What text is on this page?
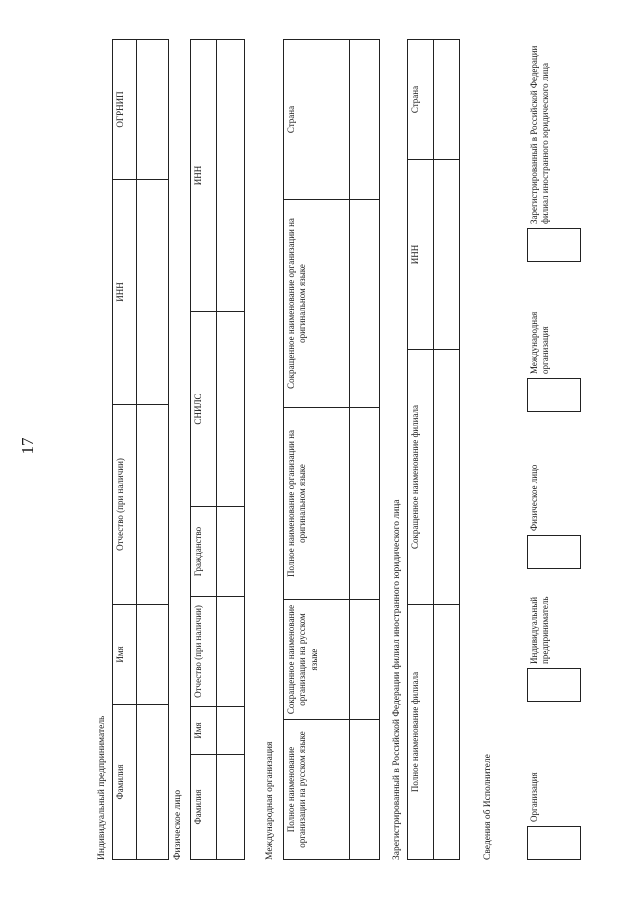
17
Индивидуальный предприниматель Фамилия	Имя	Отчество (при наличии)	ИНН	ОГРНИП

Физическое лицо Фамилия	Имя	Отчество (при наличии)	Гражданство	СНИЛС	ИНН

Международная организация Полное наименование организации на русском языке	Сокращенное наименование организации на русском языке	Полное наименование организации на оригинальном языке	Сокращенное наименование организации на оригинальном языке	Страна

Зарегистрированный в Российской Федерации филиал иностранного юридического лица Полное наименование филиала	Сокращенное наименование филиала	ИНН	Страна

Сведения об Исполнителе	Организация
Индивидуальный предприниматель
Физическое лицо
Международная организация
Зарегистрированный в Российской Федерации филиал иностранного юридического лица
